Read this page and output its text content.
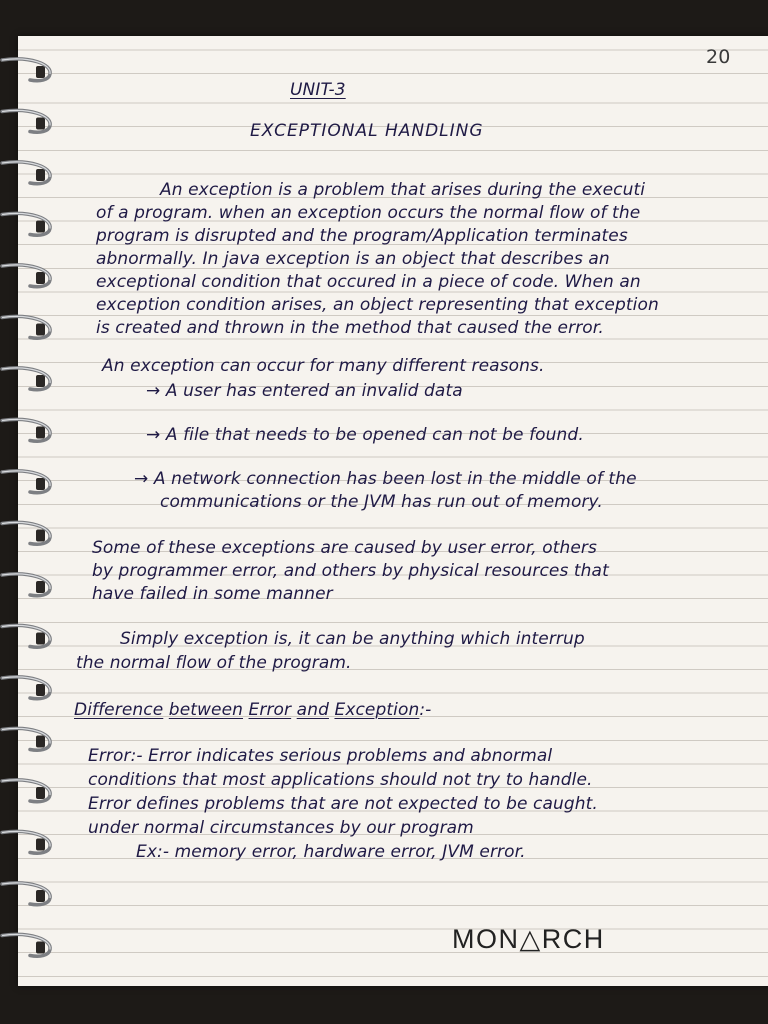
20
UNIT-3
EXCEPTIONAL HANDLING
An exception is a problem that arises during the executi
of a program. when an exception occurs the normal flow of the
program is disrupted and the program/Application terminates
abnormally. In java exception is an object that describes an
exceptional condition that occured in a piece of code. When an
exception condition arises, an object representing that exception
is created and thrown in the method that caused the error.
An exception can occur for many different reasons.
→ A user has entered an invalid data
→ A file that needs to be opened can not be found.
→ A network connection has been lost in the middle of the
communications or the JVM has run out of memory.
Some of these exceptions are caused by user error, others
by programmer error, and others by physical resources that
have failed in some manner
Simply exception is, it can be anything which interrup
the normal flow of the program.
Difference between Error and Exception:-
Error:- Error indicates serious problems and abnormal
conditions that most applications should not try to handle.
Error defines problems that are not expected to be caught.
under normal circumstances by our program
Ex:- memory error, hardware error, JVM error.
MON△RCH
